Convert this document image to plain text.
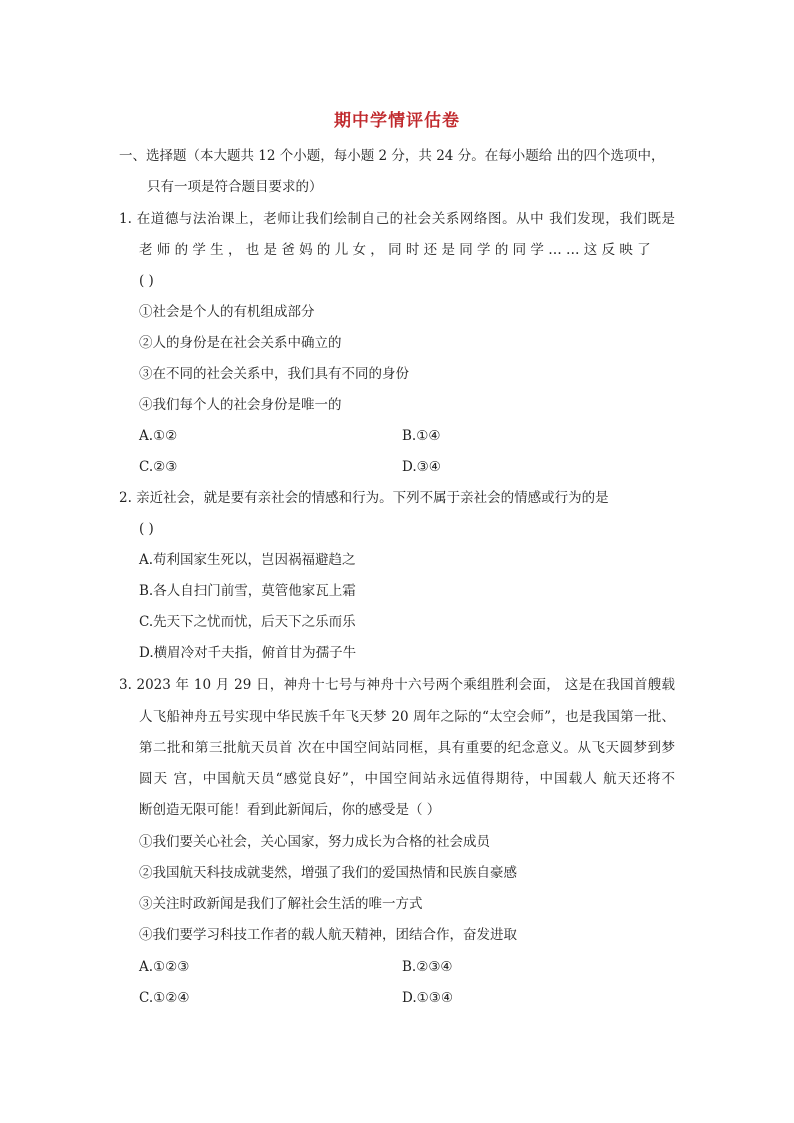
期中学情评估卷
一、选择题（本大题共 12 个小题，每小题 2 分，共 24 分。在每小题给 出的四个选项中，
只有一项是符合题目要求的）
1. 在道德与法治课上，老师让我们绘制自己的社会关系网络图。从中 我们发现，我们既是
老 师 的 学 生 ， 也 是 爸 妈 的 儿 女 ， 同 时 还 是 同 学 的 同 学 … … 这 反 映 了
( )
①社会是个人的有机组成部分
②人的身份是在社会关系中确立的
③在不同的社会关系中，我们具有不同的身份
④我们每个人的社会身份是唯一的
A.①②	B.①④
C.②③	D.③④
2. 亲近社会，就是要有亲社会的情感和行为。下列不属于亲社会的情感或行为的是
( )
A.苟利国家生死以，岂因祸福避趋之
B.各人自扫门前雪，莫管他家瓦上霜
C.先天下之忧而忧，后天下之乐而乐
D.横眉冷对千夫指，俯首甘为孺子牛
3. 2023 年 10 月 29 日，神舟十七号与神舟十六号两个乘组胜利会面， 这是在我国首艘载
人飞船神舟五号实现中华民族千年飞天梦 20 周年之际的“太空会师”，也是我国第一批、
第二批和第三批航天员首 次在中国空间站同框，具有重要的纪念意义。从飞天圆梦到梦
圆天 宫，中国航天员“感觉良好”，中国空间站永远值得期待，中国载人 航天还将不
断创造无限可能！看到此新闻后，你的感受是（ ）
①我们要关心社会，关心国家，努力成长为合格的社会成员
②我国航天科技成就斐然，增强了我们的爱国热情和民族自豪感
③关注时政新闻是我们了解社会生活的唯一方式
④我们要学习科技工作者的载人航天精神，团结合作，奋发进取
A.①②③	B.②③④
C.①②④	D.①③④
